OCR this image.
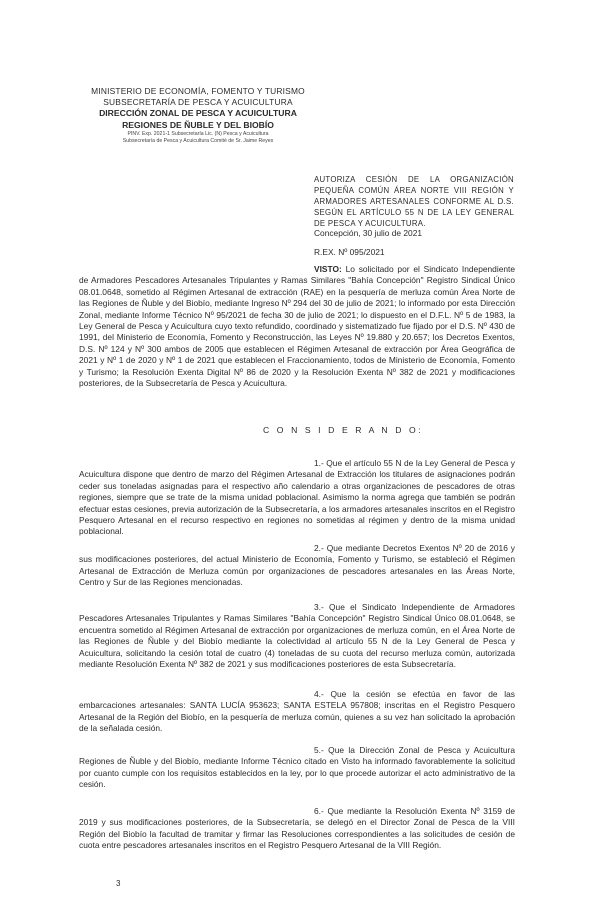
MINISTERIO DE ECONOMÍA, FOMENTO Y TURISMO
SUBSECRETARÍA DE PESCA Y ACUICULTURA
DIRECCIÓN ZONAL DE PESCA Y ACUICULTURA
REGIONES DE ÑUBLE Y DEL BIOBÍO
PINV. Exp. 2021-1 Subsecretaría Lic. (N) Pesca y Acuicultura
Subsecretaría de Pesca y Acuicultura Comité de Sr. Jaime Reyes
AUTORIZA CESIÓN DE LA ORGANIZACIÓN PEQUEÑA COMÚN ÁREA NORTE VIII REGIÓN Y ARMADORES ARTESANALES CONFORME AL D.S. SEGÚN EL ARTÍCULO 55 N DE LA LEY GENERAL DE PESCA Y ACUICULTURA.
Concepción, 30 julio de 2021
R.EX. Nº 095/2021
VISTO: Lo solicitado por el Sindicato Independiente de Armadores Pescadores Artesanales Tripulantes y Ramas Similares "Bahía Concepción" Registro Sindical Único 08.01.0648, sometido al Régimen Artesanal de extracción (RAE) en la pesquería de merluza común Área Norte de las Regiones de Ñuble y del Biobío, mediante Ingreso Nº 294 del 30 de julio de 2021; lo informado por esta Dirección Zonal, mediante Informe Técnico Nº 95/2021 de fecha 30 de julio de 2021; lo dispuesto en el D.F.L. Nº 5 de 1983, la Ley General de Pesca y Acuicultura cuyo texto refundido, coordinado y sistematizado fue fijado por el D.S. Nº 430 de 1991, del Ministerio de Economía, Fomento y Reconstrucción, las Leyes Nº 19.880 y 20.657; los Decretos Exentos, D.S. Nº 124 y Nº 300 ambos de 2005 que establecen el Régimen Artesanal de extracción por Área Geográfica de 2021 y Nº 1 de 2020 y Nº 1 de 2021 que establecen el Fraccionamiento, todos de Ministerio de Economía, Fomento y Turismo; la Resolución Exenta Digital Nº 86 de 2020 y la Resolución Exenta Nº 382 de 2021 y modificaciones posteriores, de la Subsecretaría de Pesca y Acuicultura.
C O N S I D E R A N D O:
1.- Que el artículo 55 N de la Ley General de Pesca y Acuicultura dispone que dentro de marzo del Régimen Artesanal de Extracción los titulares de asignaciones podrán ceder sus toneladas asignadas para el respectivo año calendario a otras organizaciones de pescadores de otras regiones, siempre que se trate de la misma unidad poblacional. Asimismo la norma agrega que también se podrán efectuar estas cesiones, previa autorización de la Subsecretaría, a los armadores artesanales inscritos en el Registro Pesquero Artesanal en el recurso respectivo en regiones no sometidas al régimen y dentro de la misma unidad poblacional.
2.- Que mediante Decretos Exentos Nº 20 de 2016 y sus modificaciones posteriores, del actual Ministerio de Economía, Fomento y Turismo, se estableció el Régimen Artesanal de Extracción de Merluza común por organizaciones de pescadores artesanales en las Áreas Norte, Centro y Sur de las Regiones mencionadas.
3.- Que el Sindicato Independiente de Armadores Pescadores Artesanales Tripulantes y Ramas Similares "Bahía Concepción" Registro Sindical Único 08.01.0648, se encuentra sometido al Régimen Artesanal de extracción por organizaciones de merluza común, en el Área Norte de las Regiones de Ñuble y del Biobío mediante la colectividad al artículo 55 N de la Ley General de Pesca y Acuicultura, solicitando la cesión total de cuatro (4) toneladas de su cuota del recurso merluza común, autorizada mediante Resolución Exenta Nº 382 de 2021 y sus modificaciones posteriores de esta Subsecretaría.
4.- Que la cesión se efectúa en favor de las embarcaciones artesanales: SANTA LUCÍA 953623; SANTA ESTELA 957808; inscritas en el Registro Pesquero Artesanal de la Región del Biobío, en la pesquería de merluza común, quienes a su vez han solicitado la aprobación de la señalada cesión.
5.- Que la Dirección Zonal de Pesca y Acuicultura Regiones de Ñuble y del Biobío, mediante Informe Técnico citado en Visto ha informado favorablemente la solicitud por cuanto cumple con los requisitos establecidos en la ley, por lo que procede autorizar el acto administrativo de la cesión.
6.- Que mediante la Resolución Exenta Nº 3159 de 2019 y sus modificaciones posteriores, de la Subsecretaría, se delegó en el Director Zonal de Pesca de la VIII Región del Biobío la facultad de tramitar y firmar las Resoluciones correspondientes a las solicitudes de cesión de cuota entre pescadores artesanales inscritos en el Registro Pesquero Artesanal de la VIII Región.
3
